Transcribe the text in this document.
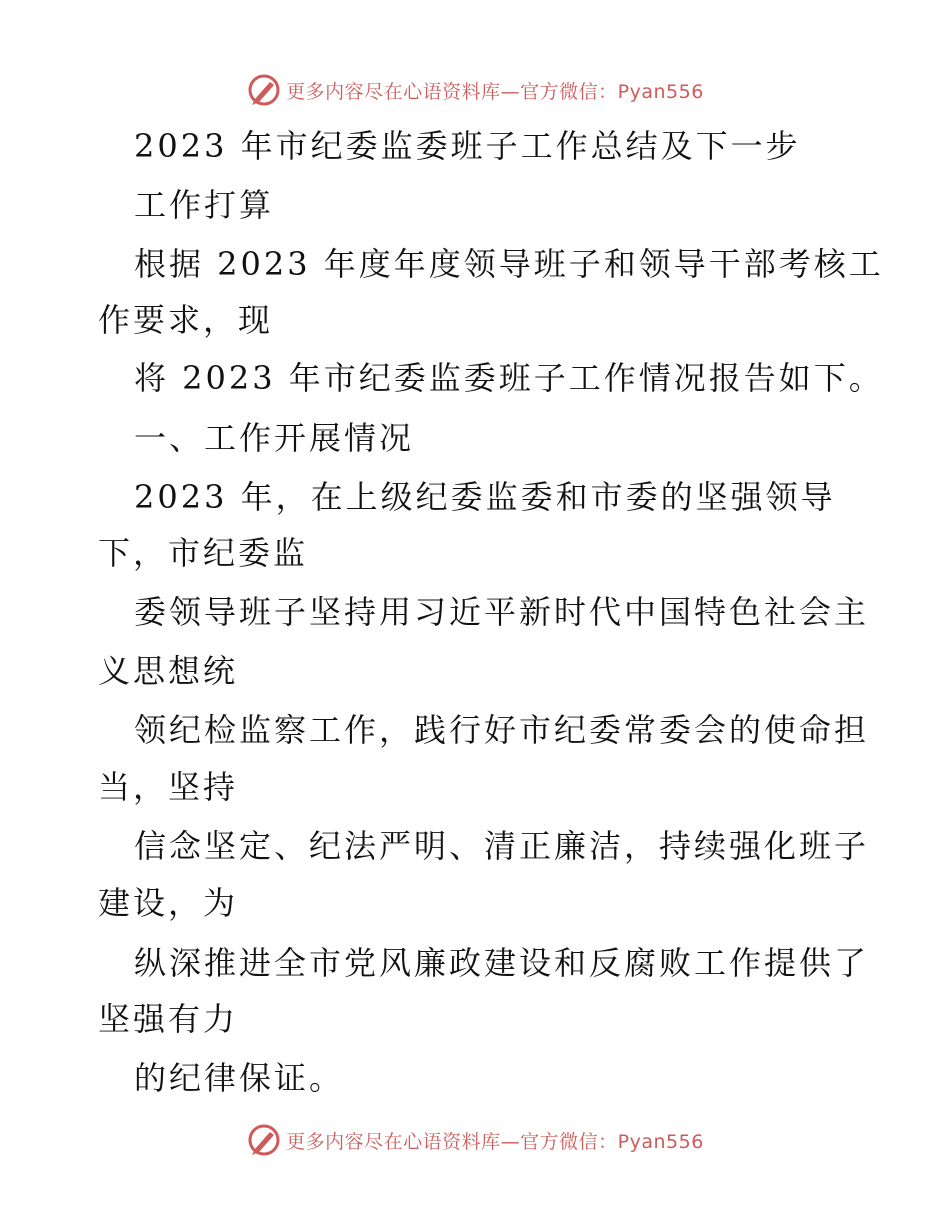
更多内容尽在心语资料库—官方微信：Pyan556
2023 年市纪委监委班子工作总结及下一步
工作打算
根据 2023 年度年度领导班子和领导干部考核工
作要求，现
将 2023 年市纪委监委班子工作情况报告如下。
一、工作开展情况
2023 年，在上级纪委监委和市委的坚强领导
下，市纪委监
委领导班子坚持用习近平新时代中国特色社会主
义思想统
领纪检监察工作，践行好市纪委常委会的使命担
当，坚持
信念坚定、纪法严明、清正廉洁，持续强化班子
建设，为
纵深推进全市党风廉政建设和反腐败工作提供了
坚强有力
的纪律保证。
更多内容尽在心语资料库—官方微信：Pyan556
